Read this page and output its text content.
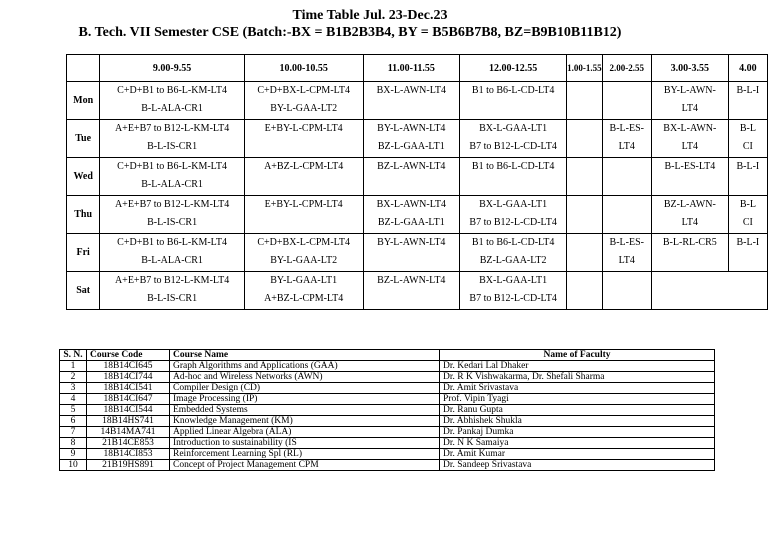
Time Table Jul. 23-Dec.23
B. Tech. VII Semester CSE (Batch:-BX = B1B2B3B4, BY = B5B6B7B8, BZ=B9B10B11B12)
	9.00-9.55	10.00-10.55	11.00-11.55	12.00-12.55	1.00-1.55	2.00-2.55	3.00-3.55	4.00
Mon	C+D+B1 to B6-L-KM-LT4
B-L-ALA-CR1	C+D+BX-L-CPM-LT4
BY-L-GAA-LT2	BX-L-AWN-LT4	B1 to B6-L-CD-LT4			BY-L-AWN-
LT4	B-L-I

Tue	A+E+B7 to B12-L-KM-LT4
B-L-IS-CR1	E+BY-L-CPM-LT4	BY-L-AWN-LT4
BZ-L-GAA-LT1	BX-L-GAA-LT1
B7 to B12-L-CD-LT4		B-L-ES-
LT4	BX-L-AWN-
LT4	B-L
CI

Wed	C+D+B1 to B6-L-KM-LT4
B-L-ALA-CR1	A+BZ-L-CPM-LT4	BZ-L-AWN-LT4	B1 to B6-L-CD-LT4			B-L-ES-LT4	B-L-I

Thu	A+E+B7 to B12-L-KM-LT4
B-L-IS-CR1	E+BY-L-CPM-LT4	BX-L-AWN-LT4
BZ-L-GAA-LT1	BX-L-GAA-LT1
B7 to B12-L-CD-LT4			BZ-L-AWN-
LT4	B-L
CI

Fri	C+D+B1 to B6-L-KM-LT4
B-L-ALA-CR1	C+D+BX-L-CPM-LT4
BY-L-GAA-LT2	BY-L-AWN-LT4	B1 to B6-L-CD-LT4
BZ-L-GAA-LT2		B-L-ES-
LT4	B-L-RL-CR5	B-L-I

Sat	A+E+B7 to B12-L-KM-LT4
B-L-IS-CR1	BY-L-GAA-LT1
A+BZ-L-CPM-LT4	BZ-L-AWN-LT4	BX-L-GAA-LT1
B7 to B12-L-CD-LT4				

S. N.	Course Code	Course Name	Name of Faculty
1	18B14CI645	Graph Algorithms and Applications (GAA)	Dr. Kedari Lal Dhaker
2	18B14CI744	Ad-hoc and Wireless Networks (AWN)	Dr. R K Vishwakarma, Dr. Shefali Sharma
3	18B14CI541	Compiler Design (CD)	Dr. Amit Srivastava
4	18B14CI647	Image Processing (IP)	Prof. Vipin Tyagi
5	18B14CI544	Embedded Systems	Dr. Ranu Gupta
6	18B14HS741	Knowledge Management (KM)	Dr. Abhishek Shukla
7	14B14MA741	Applied Linear Algebra (ALA)	Dr. Pankaj Dumka
8	21B14CE853	Introduction to sustainability (IS	Dr. N K Samaiya
9	18B14CI853	Reinforcement Learning Spl (RL)	Dr. Amit Kumar
10	21B19HS891	Concept of Project Management CPM	Dr. Sandeep Srivastava
